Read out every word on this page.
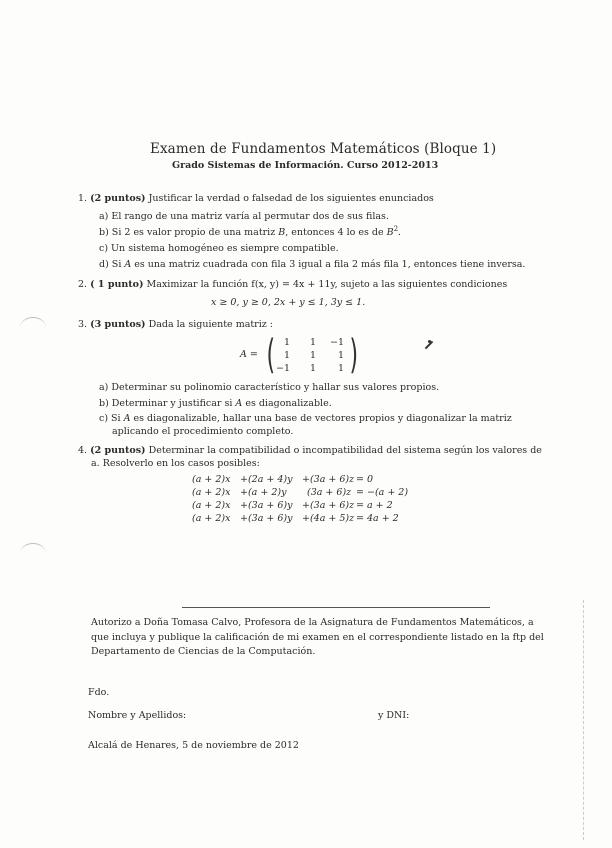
Examen de Fundamentos Matemáticos (Bloque 1)
Grado Sistemas de Información. Curso 2012-2013
1. (2 puntos) Justificar la verdad o falsedad de los siguientes enunciados
a) El rango de una matriz varía al permutar dos de sus filas.
b) Si 2 es valor propio de una matriz B, entonces 4 lo es de $B^2$.
c) Un sistema homogéneo es siempre compatible.
d) Si A es una matriz cuadrada con fila 3 igual a fila 2 más fila 1, entonces tiene inversa.
2. ( 1 punto) Maximizar la función f(x, y) = 4x + 11y, sujeto a las siguientes condiciones
x ≥ 0, y ≥ 0, 2x + y ≤ 1, 3y ≤ 1.
3. (3 puntos) Dada la siguiente matriz :
A = ( )
1	1	−1
1	1	1
−1	1	1
a) Determinar su polinomio característico y hallar sus valores propios.
b) Determinar y justificar si A es diagonalizable.
c) Si A es diagonalizable, hallar una base de vectores propios y diagonalizar la matriz
aplicando el procedimiento completo.
4. (2 puntos) Determinar la compatibilidad o incompatibilidad del sistema según los valores de
a. Resolverlo en los casos posibles:
(a + 2)x +(2a + 4)y +(3a + 6)z = 0
(a + 2)x +(a + 2)y (3a + 6)z = −(a + 2)
(a + 2)x +(3a + 6)y +(3a + 6)z = a + 2
(a + 2)x +(3a + 6)y +(4a + 5)z = 4a + 2
Autorizo a Doña Tomasa Calvo, Profesora de la Asignatura de Fundamentos Matemáticos, a
que incluya y publique la calificación de mi examen en el correspondiente listado en la ftp del
Departamento de Ciencias de la Computación.
Fdo.
Nombre y Apellidos:	y DNI:
Alcalá de Henares, 5 de noviembre de 2012
